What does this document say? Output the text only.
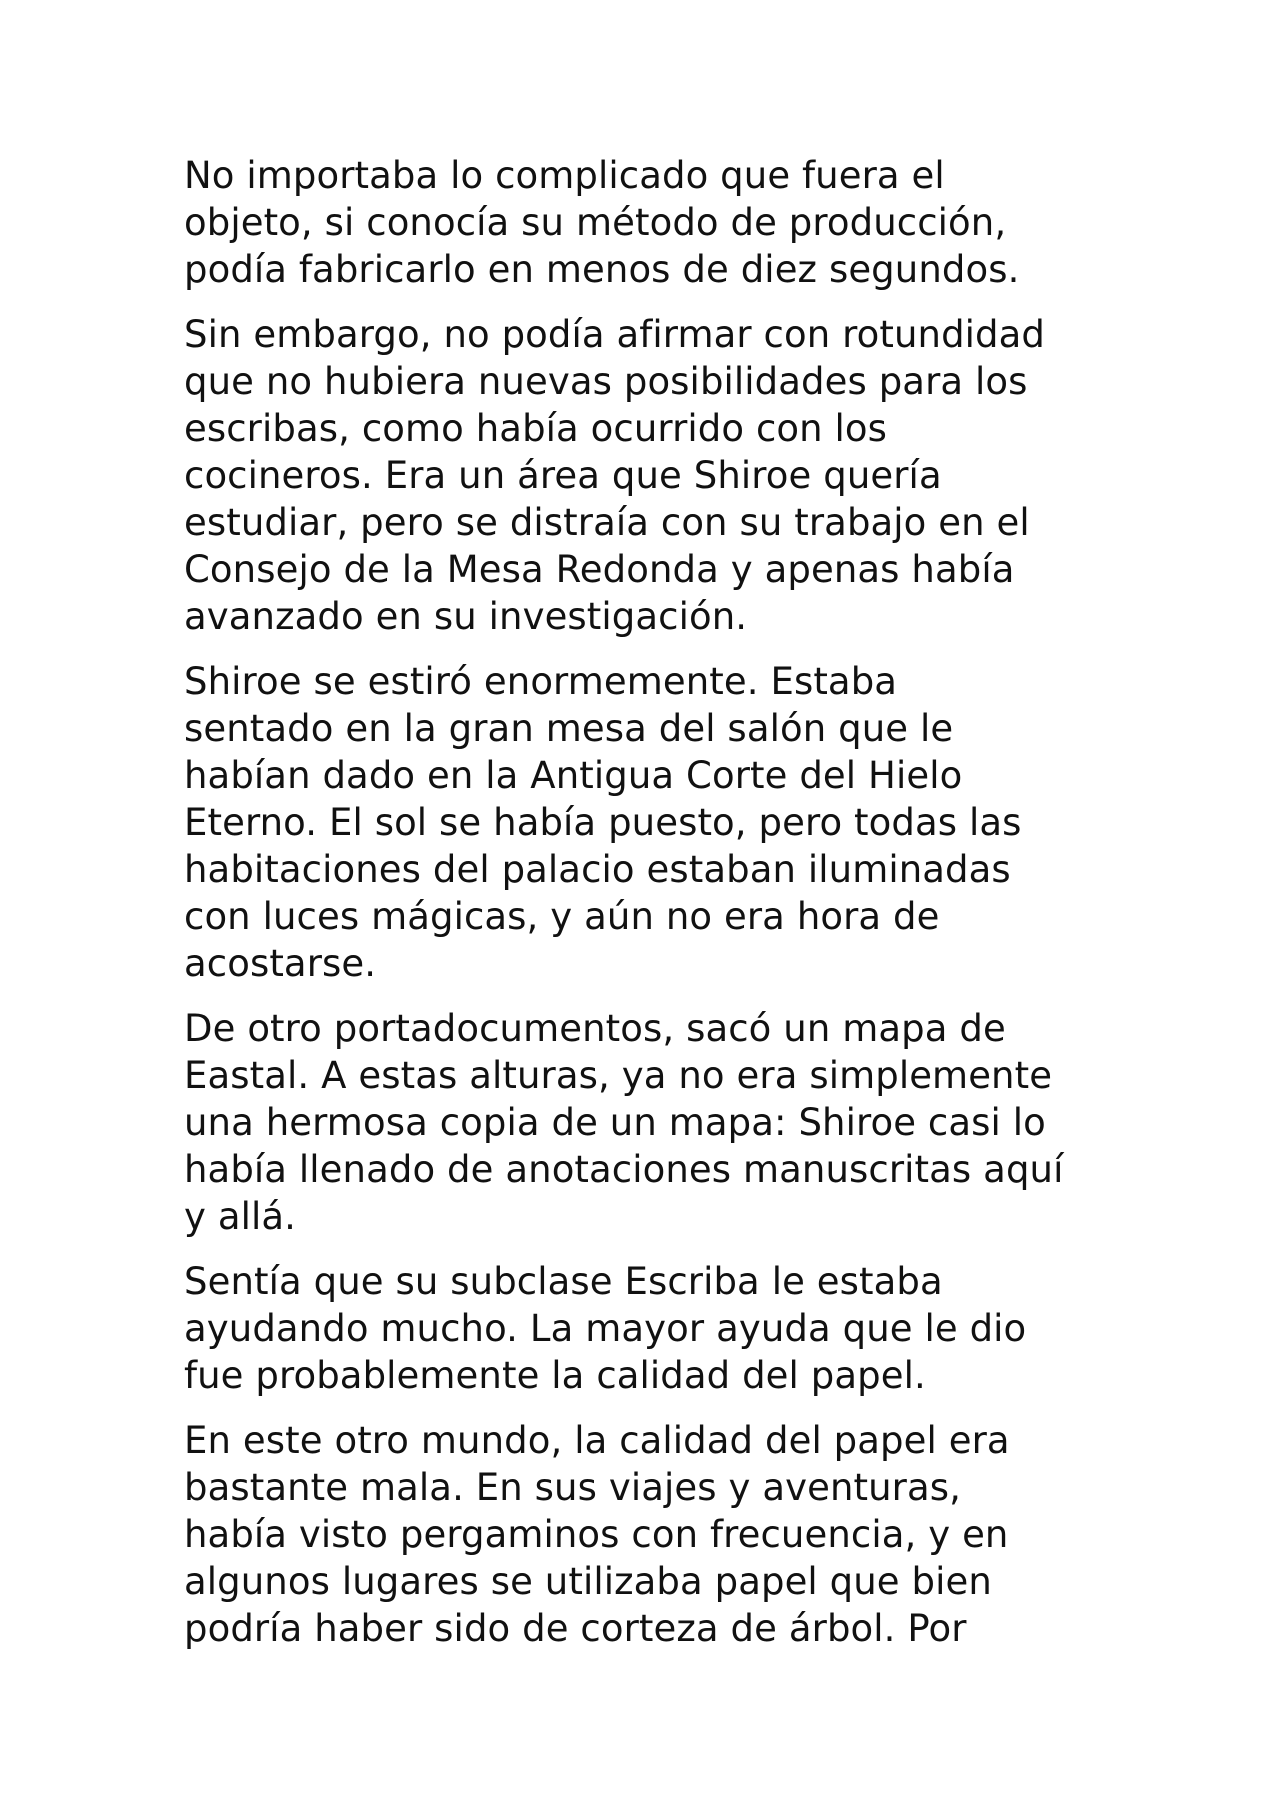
No importaba lo complicado que fuera el
objeto, si conocía su método de producción,
podía fabricarlo en menos de diez segundos.

Sin embargo, no podía afirmar con rotundidad
que no hubiera nuevas posibilidades para los
escribas, como había ocurrido con los
cocineros. Era un área que Shiroe quería
estudiar, pero se distraía con su trabajo en el
Consejo de la Mesa Redonda y apenas había
avanzado en su investigación.

Shiroe se estiró enormemente. Estaba
sentado en la gran mesa del salón que le
habían dado en la Antigua Corte del Hielo
Eterno. El sol se había puesto, pero todas las
habitaciones del palacio estaban iluminadas
con luces mágicas, y aún no era hora de
acostarse.

De otro portadocumentos, sacó un mapa de
Eastal. A estas alturas, ya no era simplemente
una hermosa copia de un mapa: Shiroe casi lo
había llenado de anotaciones manuscritas aquí
y allá.

Sentía que su subclase Escriba le estaba
ayudando mucho. La mayor ayuda que le dio
fue probablemente la calidad del papel.

En este otro mundo, la calidad del papel era
bastante mala. En sus viajes y aventuras,
había visto pergaminos con frecuencia, y en
algunos lugares se utilizaba papel que bien
podría haber sido de corteza de árbol. Por
